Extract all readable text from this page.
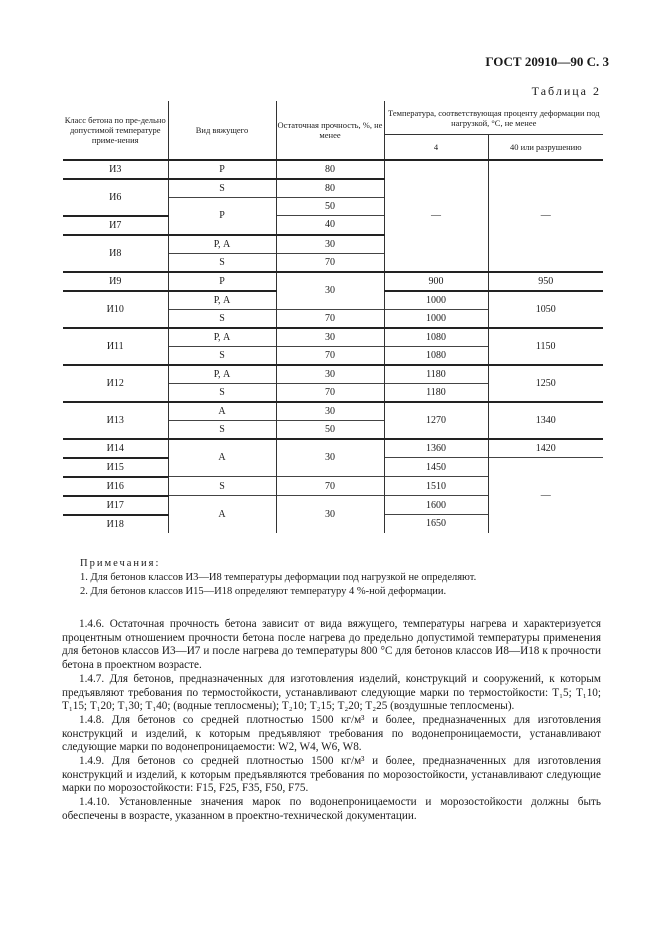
ГОСТ 20910—90 С. 3
Таблица 2
Класс бетона по пре-дельно допустимой температуре приме-нения	Вид вяжущего	Остаточная прочность, %, не менее	Температура, соответствующая проценту деформации под нагрузкой, °С, не менее	
			4	40 или разрушению
И3	Р	80	—	—
И6	S	80		
	Р	50		
И7		40		
И8	Р, А	30		
	S	70		
И9	Р	30	900	950
И10	Р, А		1000	1050
	S	70	1000	
И11	Р, А	30	1080	1150
	S	70	1080	
И12	Р, А	30	1180	1250
	S	70	1180	
И13	А	30	1270	1340
	S	50		
И14	А	30	1360	1420
И15			1450	—
И16			1510	
	S	70		
И17	А	30	1600	
И18			1650	
Примечания:
1. Для бетонов классов И3—И8 температуры деформации под нагрузкой не определяют.
2. Для бетонов классов И15—И18 определяют температуру 4 %-ной деформации.

1.4.6. Остаточная прочность бетона зависит от вида вяжущего, температуры нагрева и характеризуется процентным отношением прочности бетона после нагрева до предельно допустимой температуры применения для бетонов классов И3—И7 и после нагрева до температуры 800 °С для бетонов классов И8—И18 к прочности бетона в проектном возрасте.

1.4.7. Для бетонов, предназначенных для изготовления изделий, конструкций и сооружений, к которым предъявляют требования по термостойкости, устанавливают следующие марки по термостойкости: Т₁5; Т₁10; Т₁15; Т₁20; Т₁30; Т₁40; (водные теплосмены); Т₂10; Т₂15; Т₂20; Т₂25 (воздушные теплосмены).

1.4.8. Для бетонов со средней плотностью 1500 кг/м³ и более, предназначенных для изготовления конструкций и изделий, к которым предъявляют требования по водонепроницаемости, устанавливают следующие марки по водонепроницаемости: W2, W4, W6, W8.

1.4.9. Для бетонов со средней плотностью 1500 кг/м³ и более, предназначенных для изготовления конструкций и изделий, к которым предъявляются требования по морозостойкости, устанавливают следующие марки по морозостойкости: F15, F25, F35, F50, F75.

1.4.10. Установленные значения марок по водонепроницаемости и морозостойкости должны быть обеспечены в возрасте, указанном в проектно-технической документации.
